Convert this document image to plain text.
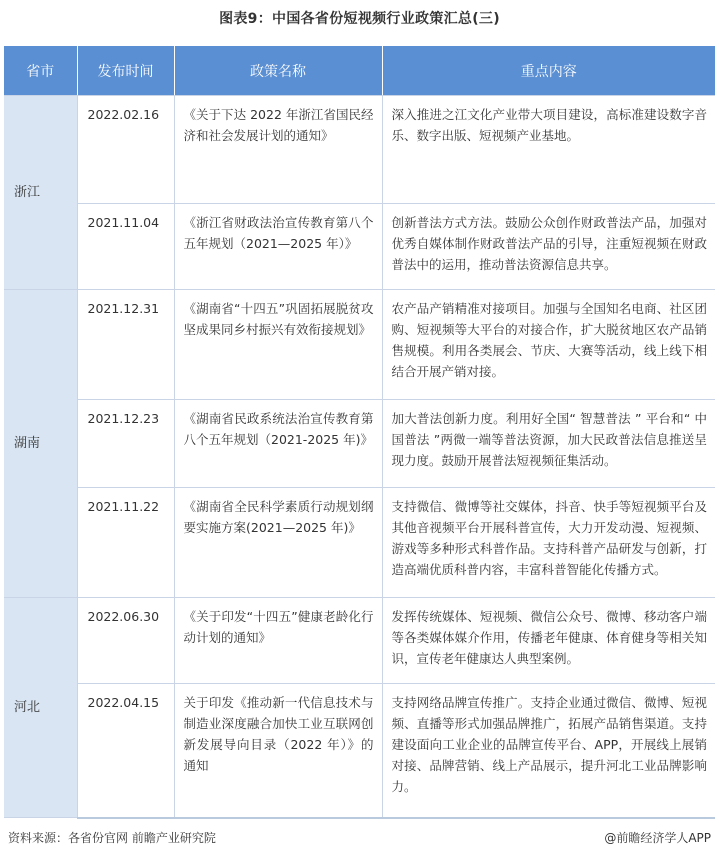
图表9：中国各省份短视频行业政策汇总(三)
省市	发布时间	政策名称	重点内容
浙江	2022.02.16	《关于下达 2022 年浙江省国民经济和社会发展计划的通知》	深入推进之江文化产业带大项目建设，高标准建设数字音乐、数字出版、短视频产业基地。
	2021.11.04	《浙江省财政法治宣传教育第八个五年规划（2021—2025 年）》	创新普法方式方法。鼓励公众创作财政普法产品，加强对优秀自媒体制作财政普法产品的引导，注重短视频在财政普法中的运用，推动普法资源信息共享。
湖南	2021.12.31	《湖南省“十四五”巩固拓展脱贫攻坚成果同乡村振兴有效衔接规划》	农产品产销精准对接项目。加强与全国知名电商、社区团购、短视频等大平台的对接合作，扩大脱贫地区农产品销售规模。利用各类展会、节庆、大赛等活动，线上线下相结合开展产销对接。
	2021.12.23	《湖南省民政系统法治宣传教育第八个五年规划（2021-2025 年)》	加大普法创新力度。利用好全国“ 智慧普法 ” 平台和“ 中国普法 ”两微一端等普法资源，加大民政普法信息推送呈现力度。鼓励开展普法短视频征集活动。
	2021.11.22	《湖南省全民科学素质行动规划纲要实施方案(2021—2025 年)》	支持微信、微博等社交媒体，抖音、快手等短视频平台及其他音视频平台开展科普宣传，大力开发动漫、短视频、游戏等多种形式科普作品。支持科普产品研发与创新，打造高端优质科普内容，丰富科普智能化传播方式。
河北	2022.06.30	《关于印发“十四五”健康老龄化行动计划的通知》	发挥传统媒体、短视频、微信公众号、微博、移动客户端等各类媒体媒介作用，传播老年健康、体育健身等相关知识，宣传老年健康达人典型案例。
	2022.04.15	关于印发《推动新一代信息技术与制造业深度融合加快工业互联网创新发展导向目录（2022 年）》的通知	支持网络品牌宣传推广。支持企业通过微信、微博、短视频、直播等形式加强品牌推广，拓展产品销售渠道。支持建设面向工业企业的品牌宣传平台、APP，开展线上展销对接、品牌营销、线上产品展示，提升河北工业品牌影响力。
资料来源：各省份官网 前瞻产业研究院	@前瞻经济学人APP
